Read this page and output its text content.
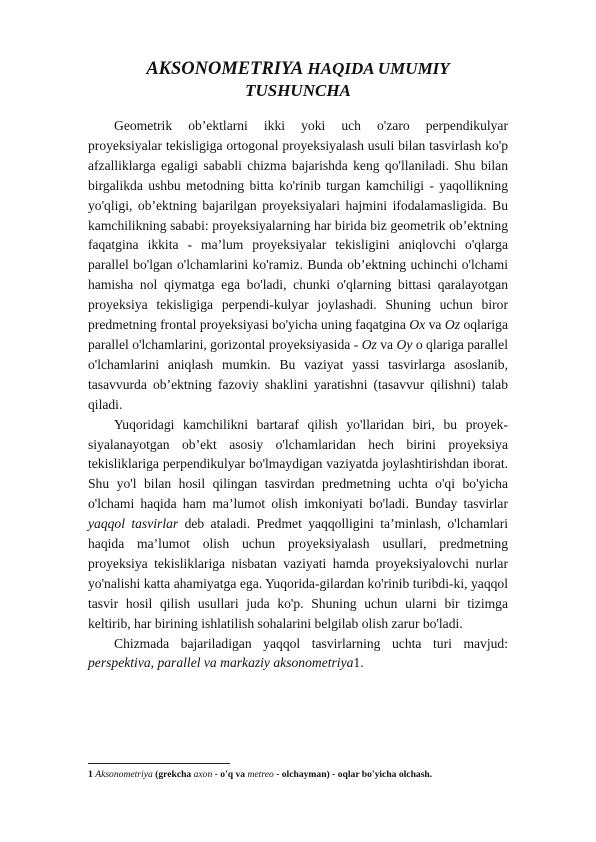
AKSONOMETRIYA HAQIDA UMUMIY
TUSHUNCHA

Geometrik ob’ektlarni ikki yoki uch o'zaro perpendikulyar proyeksiyalar tekisligiga ortogonal proyeksiyalash usuli bilan tasvirlash ko'p afzalliklarga egaligi sababli chizma bajarishda keng qo'llaniladi. Shu bilan birgalikda ushbu metodning bitta ko'rinib turgan kamchiligi - yaqollikning yo'qligi, ob’ektning bajarilgan proyeksiyalari hajmini ifodalamasligida. Bu kamchilikning sababi: proyeksiyalarning har birida biz geometrik ob’ektning faqatgina ikkita - ma’lum proyeksiyalar tekisligini aniqlovchi o'qlarga parallel bo'lgan o'lchamlarini ko'ramiz. Bunda ob’ektning uchinchi o'lchami hamisha nol qiymatga ega bo'ladi, chunki o'qlarning bittasi qaralayotgan proyeksiya tekisligiga perpendi-kulyar joylashadi. Shuning uchun biror predmetning frontal proyeksiyasi bo'yicha uning faqatgina Ox va Oz oqlariga parallel o'lchamlarini, gorizontal proyeksiyasida - Oz va Oy o qlariga parallel o'lchamlarini aniqlash mumkin. Bu vaziyat yassi tasvirlarga asoslanib, tasavvurda ob’ektning fazoviy shaklini yaratishni (tasavvur qilishni) talab qiladi.

Yuqoridagi kamchilikni bartaraf qilish yo'llaridan biri, bu proyek-siyalanayotgan ob’ekt asosiy o'lchamlaridan hech birini proyeksiya tekisliklariga perpendikulyar bo'lmaydigan vaziyatda joylashtirishdan iborat. Shu yo'l bilan hosil qilingan tasvirdan predmetning uchta o'qi bo'yicha o'lchami haqida ham ma’lumot olish imkoniyati bo'ladi. Bunday tasvirlar yaqqol tasvirlar deb ataladi. Predmet yaqqolligini ta’minlash, o'lchamlari haqida ma’lumot olish uchun proyeksiyalash usullari, predmetning proyeksiya tekisliklariga nisbatan vaziyati hamda proyeksiyalovchi nurlar yo'nalishi katta ahamiyatga ega. Yuqorida-gilardan ko'rinib turibdi-ki, yaqqol tasvir hosil qilish usullari juda ko'p. Shuning uchun ularni bir tizimga keltirib, har birining ishlatilish sohalarini belgilab olish zarur bo'ladi.

Chizmada bajariladigan yaqqol tasvirlarning uchta turi mavjud: perspektiva, parallel va markaziy aksonometriya1.

1 Aksonometriya (grekcha axon - o'q va metreo - olchayman) - oqlar bo'yicha olchash.
